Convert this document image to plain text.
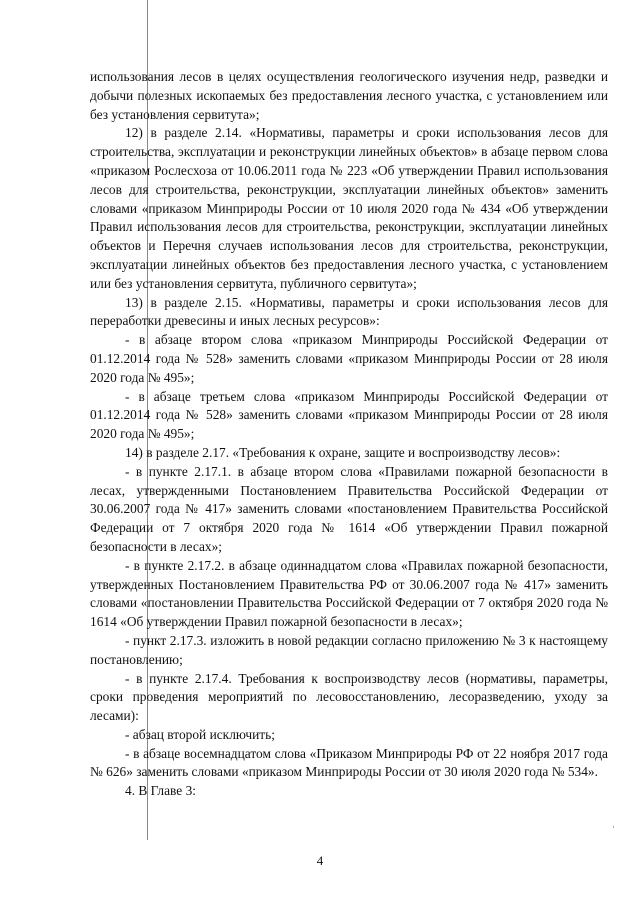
использования лесов в целях осуществления геологического изучения недр, разведки и добычи полезных ископаемых без предоставления лесного участка, с установлением или без установления сервитута»;

12) в разделе 2.14. «Нормативы, параметры и сроки использования лесов для строительства, эксплуатации и реконструкции линейных объектов» в абзаце первом слова «приказом Рослесхоза от 10.06.2011 года № 223 «Об утверждении Правил использования лесов для строительства, реконструкции, эксплуатации линейных объектов» заменить словами «приказом Минприроды России от 10 июля 2020 года № 434 «Об утверждении Правил использования лесов для строительства, реконструкции, эксплуатации линейных объектов и Перечня случаев использования лесов для строительства, реконструкции, эксплуатации линейных объектов без предоставления лесного участка, с установлением или без установления сервитута, публичного сервитута»;

13) в разделе 2.15. «Нормативы, параметры и сроки использования лесов для переработки древесины и иных лесных ресурсов»:

- в абзаце втором слова «приказом Минприроды Российской Федерации от 01.12.2014 года № 528» заменить словами «приказом Минприроды России от 28 июля 2020 года № 495»;

- в абзаце третьем слова «приказом Минприроды Российской Федерации от 01.12.2014 года № 528» заменить словами «приказом Минприроды России от 28 июля 2020 года № 495»;

14) в разделе 2.17. «Требования к охране, защите и воспроизводству лесов»:

- в пункте 2.17.1. в абзаце втором слова «Правилами пожарной безопасности в лесах, утвержденными Постановлением Правительства Российской Федерации от 30.06.2007 года № 417» заменить словами «постановлением Правительства Российской Федерации от 7 октября 2020 года № 1614 «Об утверждении Правил пожарной безопасности в лесах»;

- в пункте 2.17.2. в абзаце одиннадцатом слова «Правилах пожарной безопасности, утвержденных Постановлением Правительства РФ от 30.06.2007 года № 417» заменить словами «постановлении Правительства Российской Федерации от 7 октября 2020 года № 1614 «Об утверждении Правил пожарной безопасности в лесах»;

- пункт 2.17.3. изложить в новой редакции согласно приложению № 3 к настоящему постановлению;

- в пункте 2.17.4. Требования к воспроизводству лесов (нормативы, параметры, сроки проведения мероприятий по лесовосстановлению, лесоразведению, уходу за лесами):

- абзац второй исключить;

- в абзаце восемнадцатом слова «Приказом Минприроды РФ от 22 ноября 2017 года № 626» заменить словами «приказом Минприроды России от 30 июля 2020 года № 534».

4. В Главе 3:

4
·
